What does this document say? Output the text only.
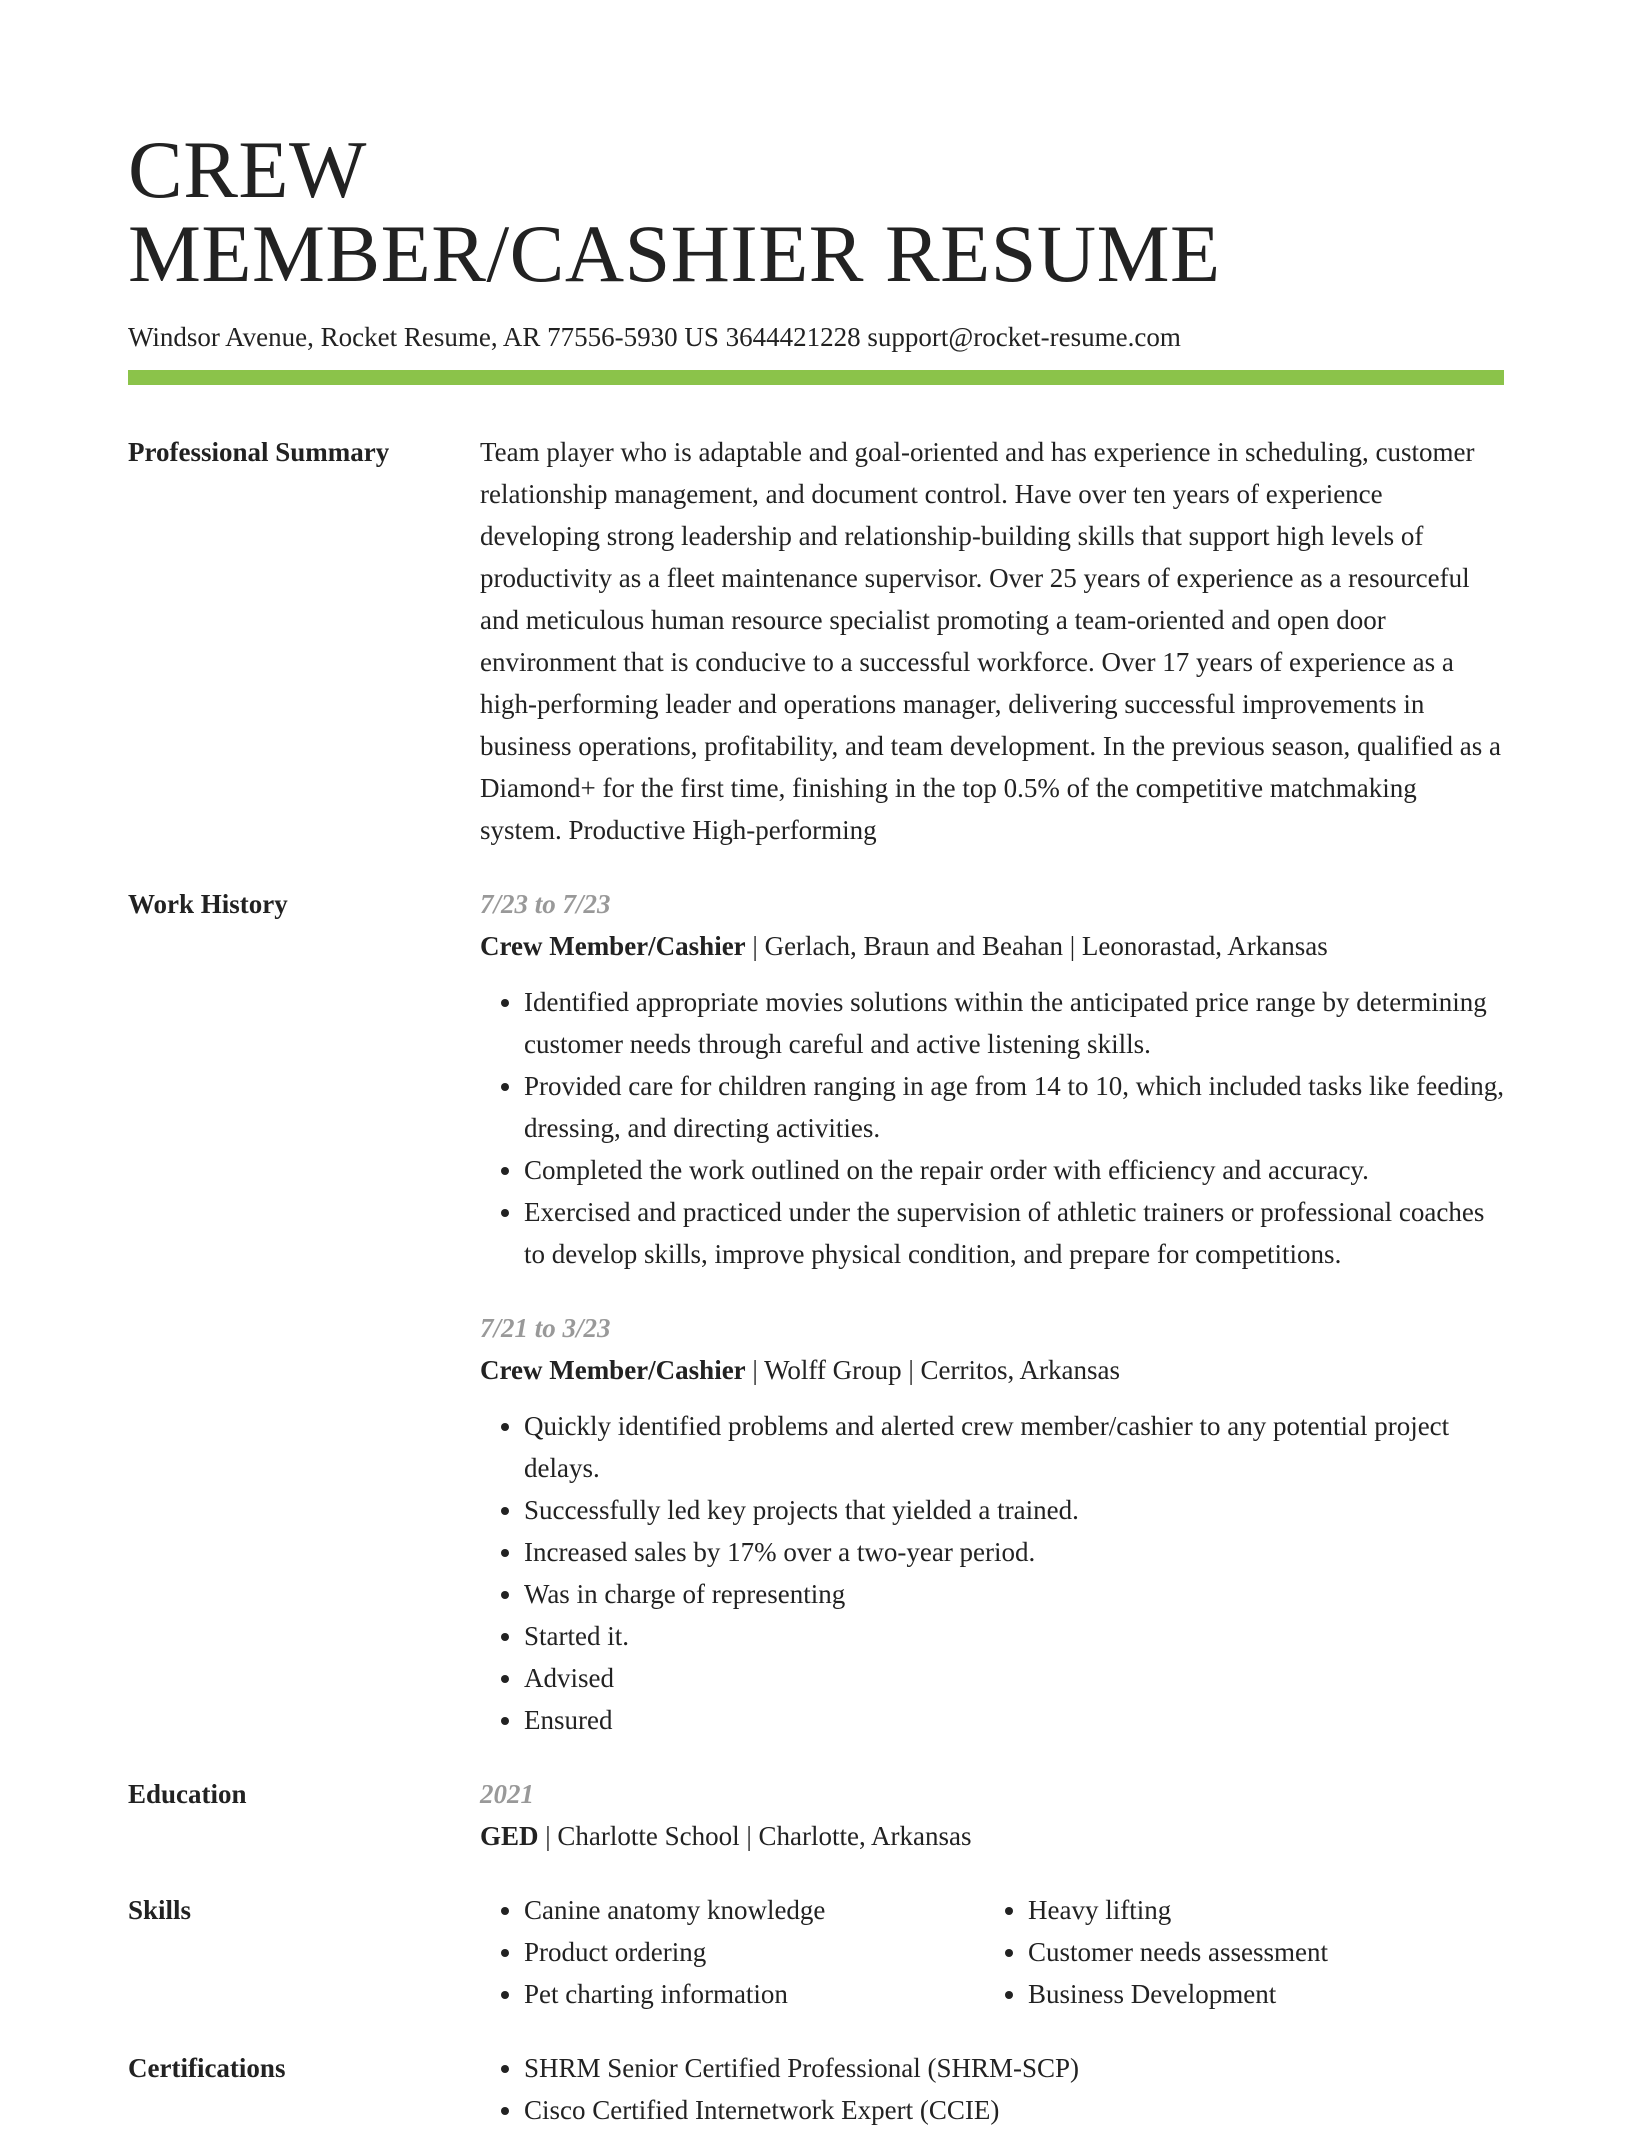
CREW
MEMBER/CASHIER RESUME
Windsor Avenue, Rocket Resume, AR 77556-5930 US 3644421228 support@rocket-resume.com
Professional Summary	Team player who is adaptable and goal-oriented and has experience in scheduling, customer relationship management, and document control. Have over ten years of experience developing strong leadership and relationship-building skills that support high levels of productivity as a fleet maintenance supervisor. Over 25 years of experience as a resourceful and meticulous human resource specialist promoting a team-oriented and open door environment that is conducive to a successful workforce. Over 17 years of experience as a high-performing leader and operations manager, delivering successful improvements in business operations, profitability, and team development. In the previous season, qualified as a Diamond+ for the first time, finishing in the top 0.5% of the competitive matchmaking system. Productive High-performing
Work History	7/23 to 7/23
Crew Member/Cashier | Gerlach, Braun and Beahan | Leonorastad, Arkansas
• Identified appropriate movies solutions within the anticipated price range by determining customer needs through careful and active listening skills.
• Provided care for children ranging in age from 14 to 10, which included tasks like feeding, dressing, and directing activities.
• Completed the work outlined on the repair order with efficiency and accuracy.
• Exercised and practiced under the supervision of athletic trainers or professional coaches to develop skills, improve physical condition, and prepare for competitions.
7/21 to 3/23
Crew Member/Cashier | Wolff Group | Cerritos, Arkansas
• Quickly identified problems and alerted crew member/cashier to any potential project delays.
• Successfully led key projects that yielded a trained.
• Increased sales by 17% over a two-year period.
• Was in charge of representing
• Started it.
• Advised
• Ensured
Education	2021
GED | Charlotte School | Charlotte, Arkansas
Skills	• Canine anatomy knowledge
• Product ordering
• Pet charting information
• Heavy lifting
• Customer needs assessment
• Business Development
Certifications	• SHRM Senior Certified Professional (SHRM-SCP)
• Cisco Certified Internetwork Expert (CCIE)
